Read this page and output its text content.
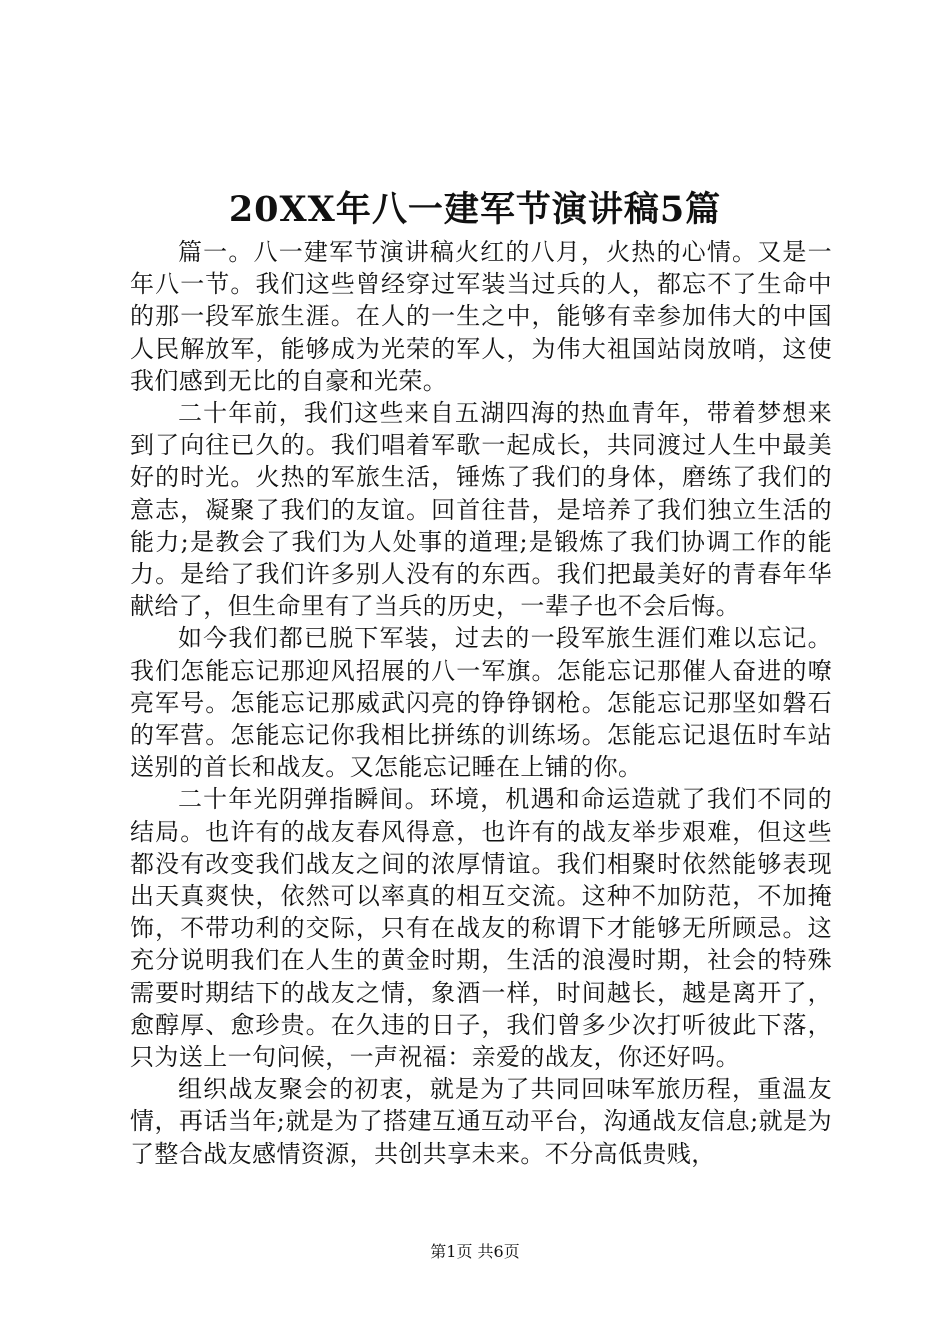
20XX年八一建军节演讲稿5篇

篇一。八一建军节演讲稿火红的八月，火热的心情。又是一年八一节。我们这些曾经穿过军装当过兵的人，都忘不了生命中的那一段军旅生涯。在人的一生之中，能够有幸参加伟大的中国人民解放军，能够成为光荣的军人，为伟大祖国站岗放哨，这使我们感到无比的自豪和光荣。

二十年前，我们这些来自五湖四海的热血青年，带着梦想来到了向往已久的。我们唱着军歌一起成长，共同渡过人生中最美好的时光。火热的军旅生活，锤炼了我们的身体，磨练了我们的意志，凝聚了我们的友谊。回首往昔，是培养了我们独立生活的能力;是教会了我们为人处事的道理;是锻炼了我们协调工作的能力。是给了我们许多别人没有的东西。我们把最美好的青春年华献给了，但生命里有了当兵的历史，一辈子也不会后悔。

如今我们都已脱下军装，过去的一段军旅生涯们难以忘记。我们怎能忘记那迎风招展的八一军旗。怎能忘记那催人奋进的嘹亮军号。怎能忘记那威武闪亮的铮铮钢枪。怎能忘记那坚如磐石的军营。怎能忘记你我相比拼练的训练场。怎能忘记退伍时车站送别的首长和战友。又怎能忘记睡在上铺的你。

二十年光阴弹指瞬间。环境，机遇和命运造就了我们不同的结局。也许有的战友春风得意，也许有的战友举步艰难，但这些都没有改变我们战友之间的浓厚情谊。我们相聚时依然能够表现出天真爽快，依然可以率真的相互交流。这种不加防范，不加掩饰，不带功利的交际，只有在战友的称谓下才能够无所顾忌。这充分说明我们在人生的黄金时期，生活的浪漫时期，社会的特殊需要时期结下的战友之情，象酒一样，时间越长，越是离开了，愈醇厚、愈珍贵。在久违的日子，我们曾多少次打听彼此下落，只为送上一句问候，一声祝福：亲爱的战友，你还好吗。

组织战友聚会的初衷，就是为了共同回味军旅历程，重温友情，再话当年;就是为了搭建互通互动平台，沟通战友信息;就是为了整合战友感情资源，共创共享未来。不分高低贵贱，

第1页 共6页
